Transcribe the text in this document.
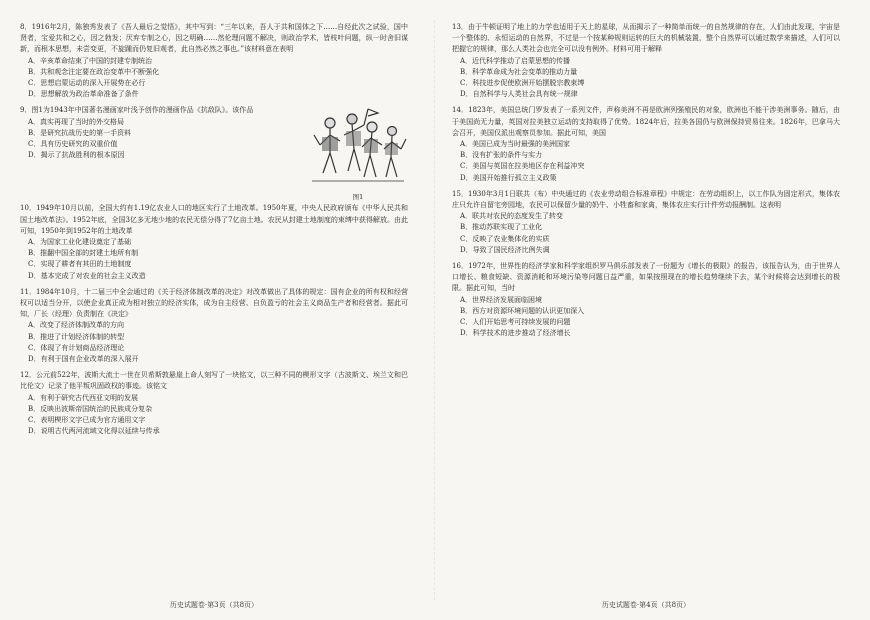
8．1916年2月，陈独秀发表了《吾人最后之觉悟》，其中写到：“三年以来，吾人于共和国体之下……自经此次之试验，国中贤者，宝爱共和之心，因之勃发；厌弃专制之心，因之明确……然伦理问题不解决，则政治学术，皆枝叶问题，纵一时舍旧谋新，而根本思想，未尝变更，不旋踵而仍复旧观者，此自然必然之事也。”该材料意在表明
A．辛亥革命结束了中国的封建专制统治
B．共和观念注定要在政治变革中不断强化
C．思想启蒙运动的深入开展势在必行
D．思想解放为政治革命准备了条件
图1
9．图1为1943年中国著名漫画家叶浅予创作的漫画作品《抗敌队》。该作品
A．真实再现了当时的外交格局
B．是研究抗战历史的第一手资料
C．具有历史研究的双重价值
D．揭示了抗战胜利的根本原因
10．1949年10月以前，全国大约有1.19亿农业人口的地区实行了土地改革。1950年夏，中央人民政府颁布《中华人民共和国土地改革法》。1952年底，全国3亿多无地少地的农民无偿分得了7亿亩土地。农民从封建土地制度的束缚中获得解放。由此可知，1950年到1952年的土地改革
A．为国家工业化建设奠定了基础
B．推翻中国全部的封建土地所有制
C．实现了耕者有其田的土地制度
D．基本完成了对农业的社会主义改造
11．1984年10月，十二届三中全会通过的《关于经济体制改革的决定》对改革做出了具体的规定：国有企业的所有权和经营权可以适当分开，以使企业真正成为相对独立的经济实体，成为自主经营、自负盈亏的社会主义商品生产者和经营者。据此可知，厂长（经理）负责制在《决定》
A．改变了经济体制改革的方向
B．推进了计划经济体制的转型
C．体现了有计划商品经济理论
D．有利于国有企业改革的深入展开
12．公元前522年，波斯大流士一世在贝希斯敦悬崖上命人刻写了一块铭文，以三种不同的楔形文字（古波斯文、埃兰文和巴比伦文）记录了他平叛巩固政权的事迹。该铭文
A．有利于研究古代西亚文明的发展
B．反映出波斯帝国统治的民族成分复杂
C．表明楔形文字已成为官方通用文字
D．说明古代两河流域文化得以延续与传承
13．由于牛顿证明了地上的力学也适用于天上的星球，从而揭示了一种简单而统一的自然规律的存在，人们由此发现，宇宙是一个整体的、永恒运动的自然界，不过是一个按某种规则运转的巨大的机械装置，整个自然界可以通过数学来描述，人们可以把握它的规律，那么人类社会也完全可以没有例外。材料可用于解释
A．近代科学推动了启蒙思想的传播
B．科学革命成为社会变革的推动力量
C．科技进步促使欧洲开始摆脱宗教束缚
D．自然科学与人类社会具有统一规律
14．1823年，美国总统门罗发表了一系列文件，声称美洲不再是欧洲列强殖民的对象，欧洲也不能干涉美洲事务。随后，由于美国尚无力量，英国对拉美独立运动的支持取得了优势。1824年后，拉美各国仍与欧洲保持贸易往来。1826年，巴拿马大会召开，美国仅派出观察员参加。据此可知，美国
A．美国已成为当时最强的美洲国家
B．没有扩张的条件与实力
C．美国与英国在拉美地区存在利益冲突
D．美国开始推行孤立主义政策
15．1930年3月1日联共（布）中央通过的《农业劳动组合标准章程》中规定：在劳动组织上，以工作队为固定形式，集体农庄只允许自留宅旁园地，农民可以保留少量的奶牛、小牲畜和家禽，集体农庄实行计件劳动报酬制。这表明
A．联共对农民的态度发生了转变
B．推动苏联实现了工业化
C．反映了农业集体化的实质
D．导致了国民经济比例失调
16．1972年，世界性的经济学家和科学家组织罗马俱乐部发表了一份题为《增长的极限》的报告，该报告认为，由于世界人口增长、粮食短缺、资源消耗和环境污染等问题日益严重，如果按照现在的增长趋势继续下去，某个时候将会达到增长的极限。据此可知，当时
A．世界经济发展面临困境
B．西方对资源环境问题的认识更加深入
C．人们开始思考可持续发展的问题
D．科学技术的进步推动了经济增长
历史试题卷·第3页（共8页）	历史试题卷·第4页（共8页）
